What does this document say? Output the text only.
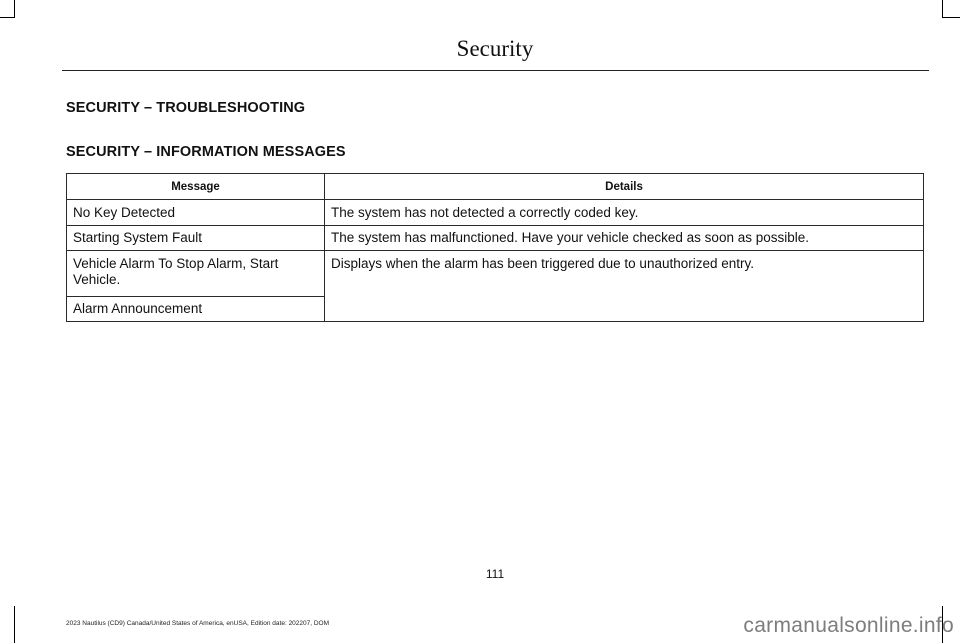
Security
SECURITY – TROUBLESHOOTING
SECURITY – INFORMATION MESSAGES
Message	Details
No Key Detected	The system has not detected a correctly coded key.
Starting System Fault	The system has malfunctioned. Have your vehicle checked as soon as possible.
Vehicle Alarm To Stop Alarm, Start Vehicle.	Displays when the alarm has been triggered due to unauthorized entry.
Alarm Announcement	
111
2023 Nautilus (CD9) Canada/United States of America, enUSA, Edition date: 202207, DOM	carmanualsonline.info
